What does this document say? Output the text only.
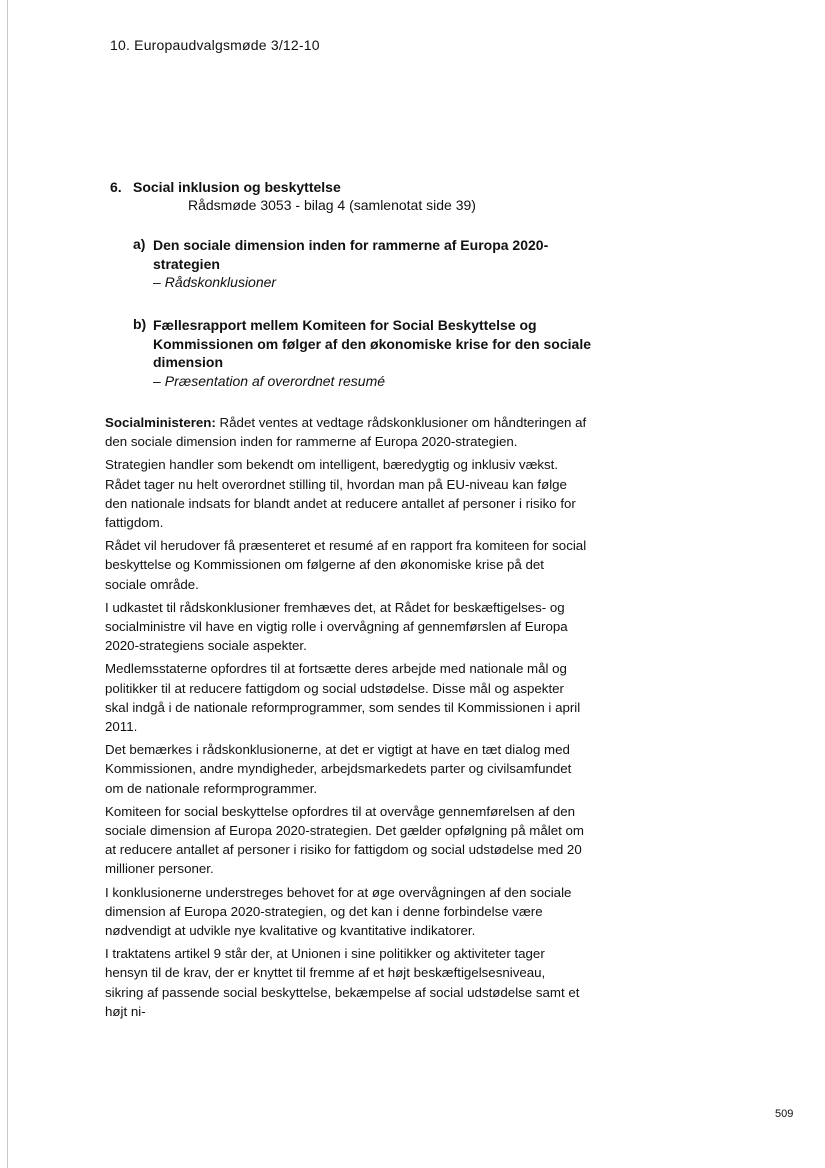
10. Europaudvalgsmøde 3/12-10
6. Social inklusion og beskyttelse
Rådsmøde 3053 - bilag 4 (samlenotat side 39)
a) Den sociale dimension inden for rammerne af Europa 2020-strategien
– Rådskonklusioner
b) Fællesrapport mellem Komiteen for Social Beskyttelse og Kommissionen om følger af den økonomiske krise for den sociale dimension
– Præsentation af overordnet resumé

Socialministeren: Rådet ventes at vedtage rådskonklusioner om håndteringen af den sociale dimension inden for rammerne af Europa 2020-strategien.

Strategien handler som bekendt om intelligent, bæredygtig og inklusiv vækst. Rådet tager nu helt overordnet stilling til, hvordan man på EU-niveau kan følge den nationale indsats for blandt andet at reducere antallet af personer i risiko for fattigdom.

Rådet vil herudover få præsenteret et resumé af en rapport fra komiteen for social beskyttelse og Kommissionen om følgerne af den økonomiske krise på det sociale område.

I udkastet til rådskonklusioner fremhæves det, at Rådet for beskæftigelses- og socialministre vil have en vigtig rolle i overvågning af gennemførslen af Europa 2020-strategiens sociale aspekter.

Medlemsstaterne opfordres til at fortsætte deres arbejde med nationale mål og politikker til at reducere fattigdom og social udstødelse. Disse mål og aspekter skal indgå i de nationale reformprogrammer, som sendes til Kommissionen i april 2011.

Det bemærkes i rådskonklusionerne, at det er vigtigt at have en tæt dialog med Kommissionen, andre myndigheder, arbejdsmarkedets parter og civilsamfundet om de nationale reformprogrammer.

Komiteen for social beskyttelse opfordres til at overvåge gennemførelsen af den sociale dimension af Europa 2020-strategien. Det gælder opfølgning på målet om at reducere antallet af personer i risiko for fattigdom og social udstødelse med 20 millioner personer.

I konklusionerne understreges behovet for at øge overvågningen af den sociale dimension af Europa 2020-strategien, og det kan i denne forbindelse være nødvendigt at udvikle nye kvalitative og kvantitative indikatorer.

I traktatens artikel 9 står der, at Unionen i sine politikker og aktiviteter tager hensyn til de krav, der er knyttet til fremme af et højt beskæftigelsesniveau, sikring af passende social beskyttelse, bekæmpelse af social udstødelse samt et højt ni-

509
